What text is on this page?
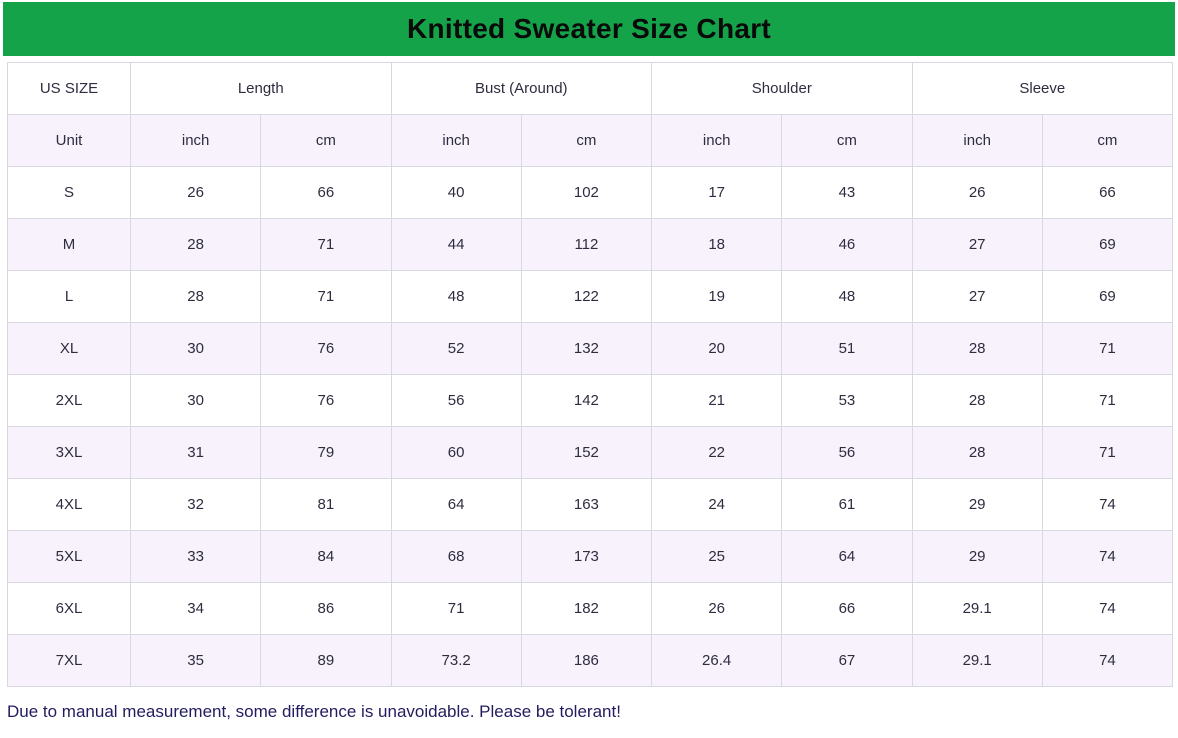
Knitted Sweater Size Chart
US SIZE	Length		Bust (Around)		Shoulder		Sleeve	
Unit	inch	cm	inch	cm	inch	cm	inch	cm
S	26	66	40	102	17	43	26	66
M	28	71	44	112	18	46	27	69
L	28	71	48	122	19	48	27	69
XL	30	76	52	132	20	51	28	71
2XL	30	76	56	142	21	53	28	71
3XL	31	79	60	152	22	56	28	71
4XL	32	81	64	163	24	61	29	74
5XL	33	84	68	173	25	64	29	74
6XL	34	86	71	182	26	66	29.1	74
7XL	35	89	73.2	186	26.4	67	29.1	74

Due to manual measurement, some difference is unavoidable. Please be tolerant!
